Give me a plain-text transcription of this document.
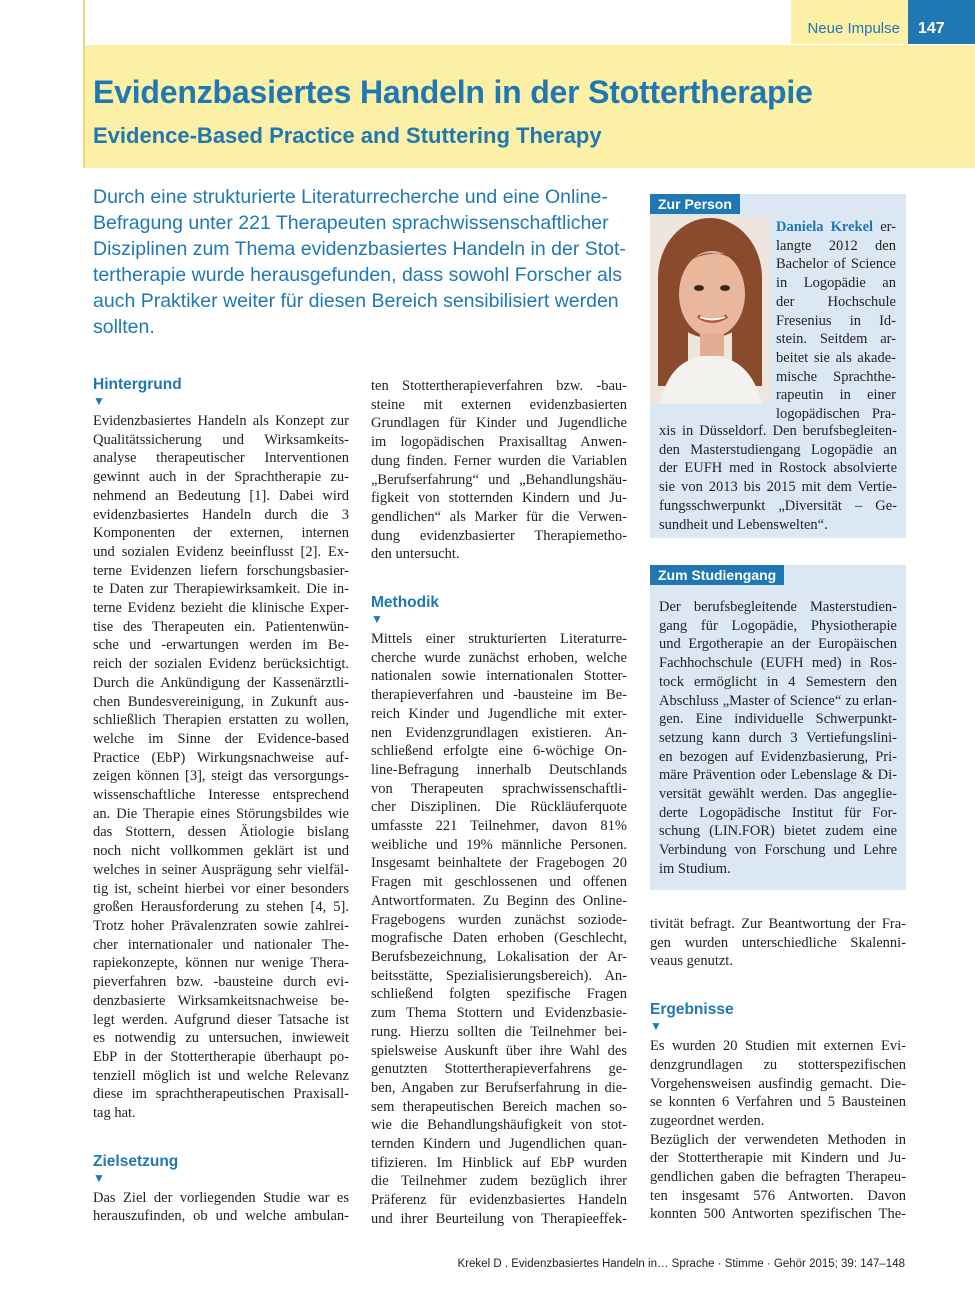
Neue Impulse	147
Evidenzbasiertes Handeln in der Stottertherapie
Evidence-Based Practice and Stuttering Therapy
Durch eine strukturierte Literaturrecherche und eine Online-
Befragung unter 221 Therapeuten sprachwissenschaftlicher
Disziplinen zum Thema evidenzbasiertes Handeln in der Stot-
tertherapie wurde herausgefunden, dass sowohl Forscher als
auch Praktiker weiter für diesen Bereich sensibilisiert werden
sollten.
Hintergrund
▼
Evidenzbasiertes Handeln als Konzept zur
Qualitätssicherung und Wirksamkeits-
analyse therapeutischer Interventionen
gewinnt auch in der Sprachtherapie zu-
nehmend an Bedeutung [1]. Dabei wird
evidenzbasiertes Handeln durch die 3
Komponenten der externen, internen
und sozialen Evidenz beeinflusst [2]. Ex-
terne Evidenzen liefern forschungsbasier-
te Daten zur Therapiewirksamkeit. Die in-
terne Evidenz bezieht die klinische Exper-
tise des Therapeuten ein. Patientenwün-
sche und -erwartungen werden im Be-
reich der sozialen Evidenz berücksichtigt.
Durch die Ankündigung der Kassenärztli-
chen Bundesvereinigung, in Zukunft aus-
schließlich Therapien erstatten zu wollen,
welche im Sinne der Evidence-based
Practice (EbP) Wirkungsnachweise auf-
zeigen können [3], steigt das versorgungs-
wissenschaftliche Interesse entsprechend
an. Die Therapie eines Störungsbildes wie
das Stottern, dessen Ätiologie bislang
noch nicht vollkommen geklärt ist und
welches in seiner Ausprägung sehr vielfäl-
tig ist, scheint hierbei vor einer besonders
großen Herausforderung zu stehen [4, 5].
Trotz hoher Prävalenzraten sowie zahlrei-
cher internationaler und nationaler The-
rapiekonzepte, können nur wenige Thera-
pieverfahren bzw. -bausteine durch evi-
denzbasierte Wirksamkeitsnachweise be-
legt werden. Aufgrund dieser Tatsache ist
es notwendig zu untersuchen, inwieweit
EbP in der Stottertherapie überhaupt po-
tenziell möglich ist und welche Relevanz
diese im sprachtherapeutischen Praxisall-
tag hat.
Zielsetzung
▼
Das Ziel der vorliegenden Studie war es
herauszufinden, ob und welche ambulan-
ten Stottertherapieverfahren bzw. -bau-
steine mit externen evidenzbasierten
Grundlagen für Kinder und Jugendliche
im logopädischen Praxisalltag Anwen-
dung finden. Ferner wurden die Variablen
„Berufserfahrung“ und „Behandlungshäu-
figkeit von stotternden Kindern und Ju-
gendlichen“ als Marker für die Verwen-
dung evidenzbasierter Therapiemetho-
den untersucht.
Methodik
▼
Mittels einer strukturierten Literaturre-
cherche wurde zunächst erhoben, welche
nationalen sowie internationalen Stotter-
therapieverfahren und -bausteine im Be-
reich Kinder und Jugendliche mit exter-
nen Evidenzgrundlagen existieren. An-
schließend erfolgte eine 6-wöchige On-
line-Befragung innerhalb Deutschlands
von Therapeuten sprachwissenschaftli-
cher Disziplinen. Die Rückläuferquote
umfasste 221 Teilnehmer, davon 81%
weibliche und 19% männliche Personen.
Insgesamt beinhaltete der Fragebogen 20
Fragen mit geschlossenen und offenen
Antwortformaten. Zu Beginn des Online-
Fragebogens wurden zunächst soziode-
mografische Daten erhoben (Geschlecht,
Berufsbezeichnung, Lokalisation der Ar-
beitsstätte, Spezialisierungsbereich). An-
schließend folgten spezifische Fragen
zum Thema Stottern und Evidenzbasie-
rung. Hierzu sollten die Teilnehmer bei-
spielsweise Auskunft über ihre Wahl des
genutzten Stottertherapieverfahrens ge-
ben, Angaben zur Berufserfahrung in die-
sem therapeutischen Bereich machen so-
wie die Behandlungshäufigkeit von stot-
ternden Kindern und Jugendlichen quan-
tifizieren. Im Hinblick auf EbP wurden
die Teilnehmer zudem bezüglich ihrer
Präferenz für evidenzbasiertes Handeln
und ihrer Beurteilung von Therapieeffek-
Zur Person
Daniela Krekel er-
langte 2012 den
Bachelor of Science
in Logopädie an
der Hochschule
Fresenius in Id-
stein. Seitdem ar-
beitet sie als akade-
mische Sprachthe-
rapeutin in einer
logopädischen Pra-
xis in Düsseldorf. Den berufsbegleiten-
den Masterstudiengang Logopädie an
der EUFH med in Rostock absolvierte
sie von 2013 bis 2015 mit dem Vertie-
fungsschwerpunkt „Diversität – Ge-
sundheit und Lebenswelten“.
Zum Studiengang
Der berufsbegleitende Masterstudien-
gang für Logopädie, Physiotherapie
und Ergotherapie an der Europäischen
Fachhochschule (EUFH med) in Ros-
tock ermöglicht in 4 Semestern den
Abschluss „Master of Science“ zu erlan-
gen. Eine individuelle Schwerpunkt-
setzung kann durch 3 Vertiefungslini-
en bezogen auf Evidenzbasierung, Pri-
märe Prävention oder Lebenslage & Di-
versität gewählt werden. Das angeglie-
derte Logopädische Institut für For-
schung (LIN.FOR) bietet zudem eine
Verbindung von Forschung und Lehre
im Studium.
tivität befragt. Zur Beantwortung der Fra-
gen wurden unterschiedliche Skalenni-
veaus genutzt.
Ergebnisse
▼
Es wurden 20 Studien mit externen Evi-
denzgrundlagen zu stotterspezifischen
Vorgehensweisen ausfindig gemacht. Die-
se konnten 6 Verfahren und 5 Bausteinen
zugeordnet werden.
Bezüglich der verwendeten Methoden in
der Stottertherapie mit Kindern und Ju-
gendlichen gaben die befragten Therapeu-
ten insgesamt 576 Antworten. Davon
konnten 500 Antworten spezifischen The-
Krekel D . Evidenzbasiertes Handeln in… Sprache · Stimme · Gehör 2015; 39: 147–148
